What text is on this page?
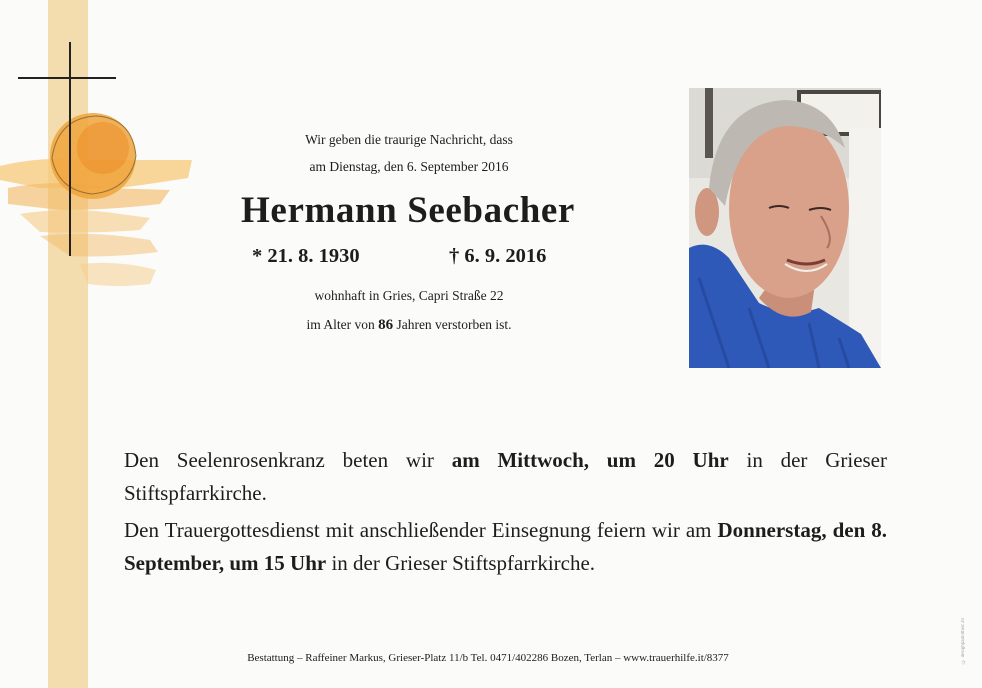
Wir geben die traurige Nachricht, dass
am Dienstag, den 6. September 2016
Hermann Seebacher
* 21. 8. 1930	† 6. 9. 2016
wohnhaft in Gries, Capri Straße 22
im Alter von 86 Jahren verstorben ist.
Den Seelenrosenkranz beten wir am Mittwoch, um 20 Uhr in der Grieser Stiftspfarrkirche.
Den Trauergottesdienst mit anschließender Einsegnung feiern wir am Donnerstag, den 8. September, um 15 Uhr in der Grieser Stiftspfarrkirche.
Bestattung – Raffeiner Markus, Grieser-Platz 11/b Tel. 0471/402286 Bozen, Terlan – www.trauerhilfe.it/8377	© designpadoltheit 20
